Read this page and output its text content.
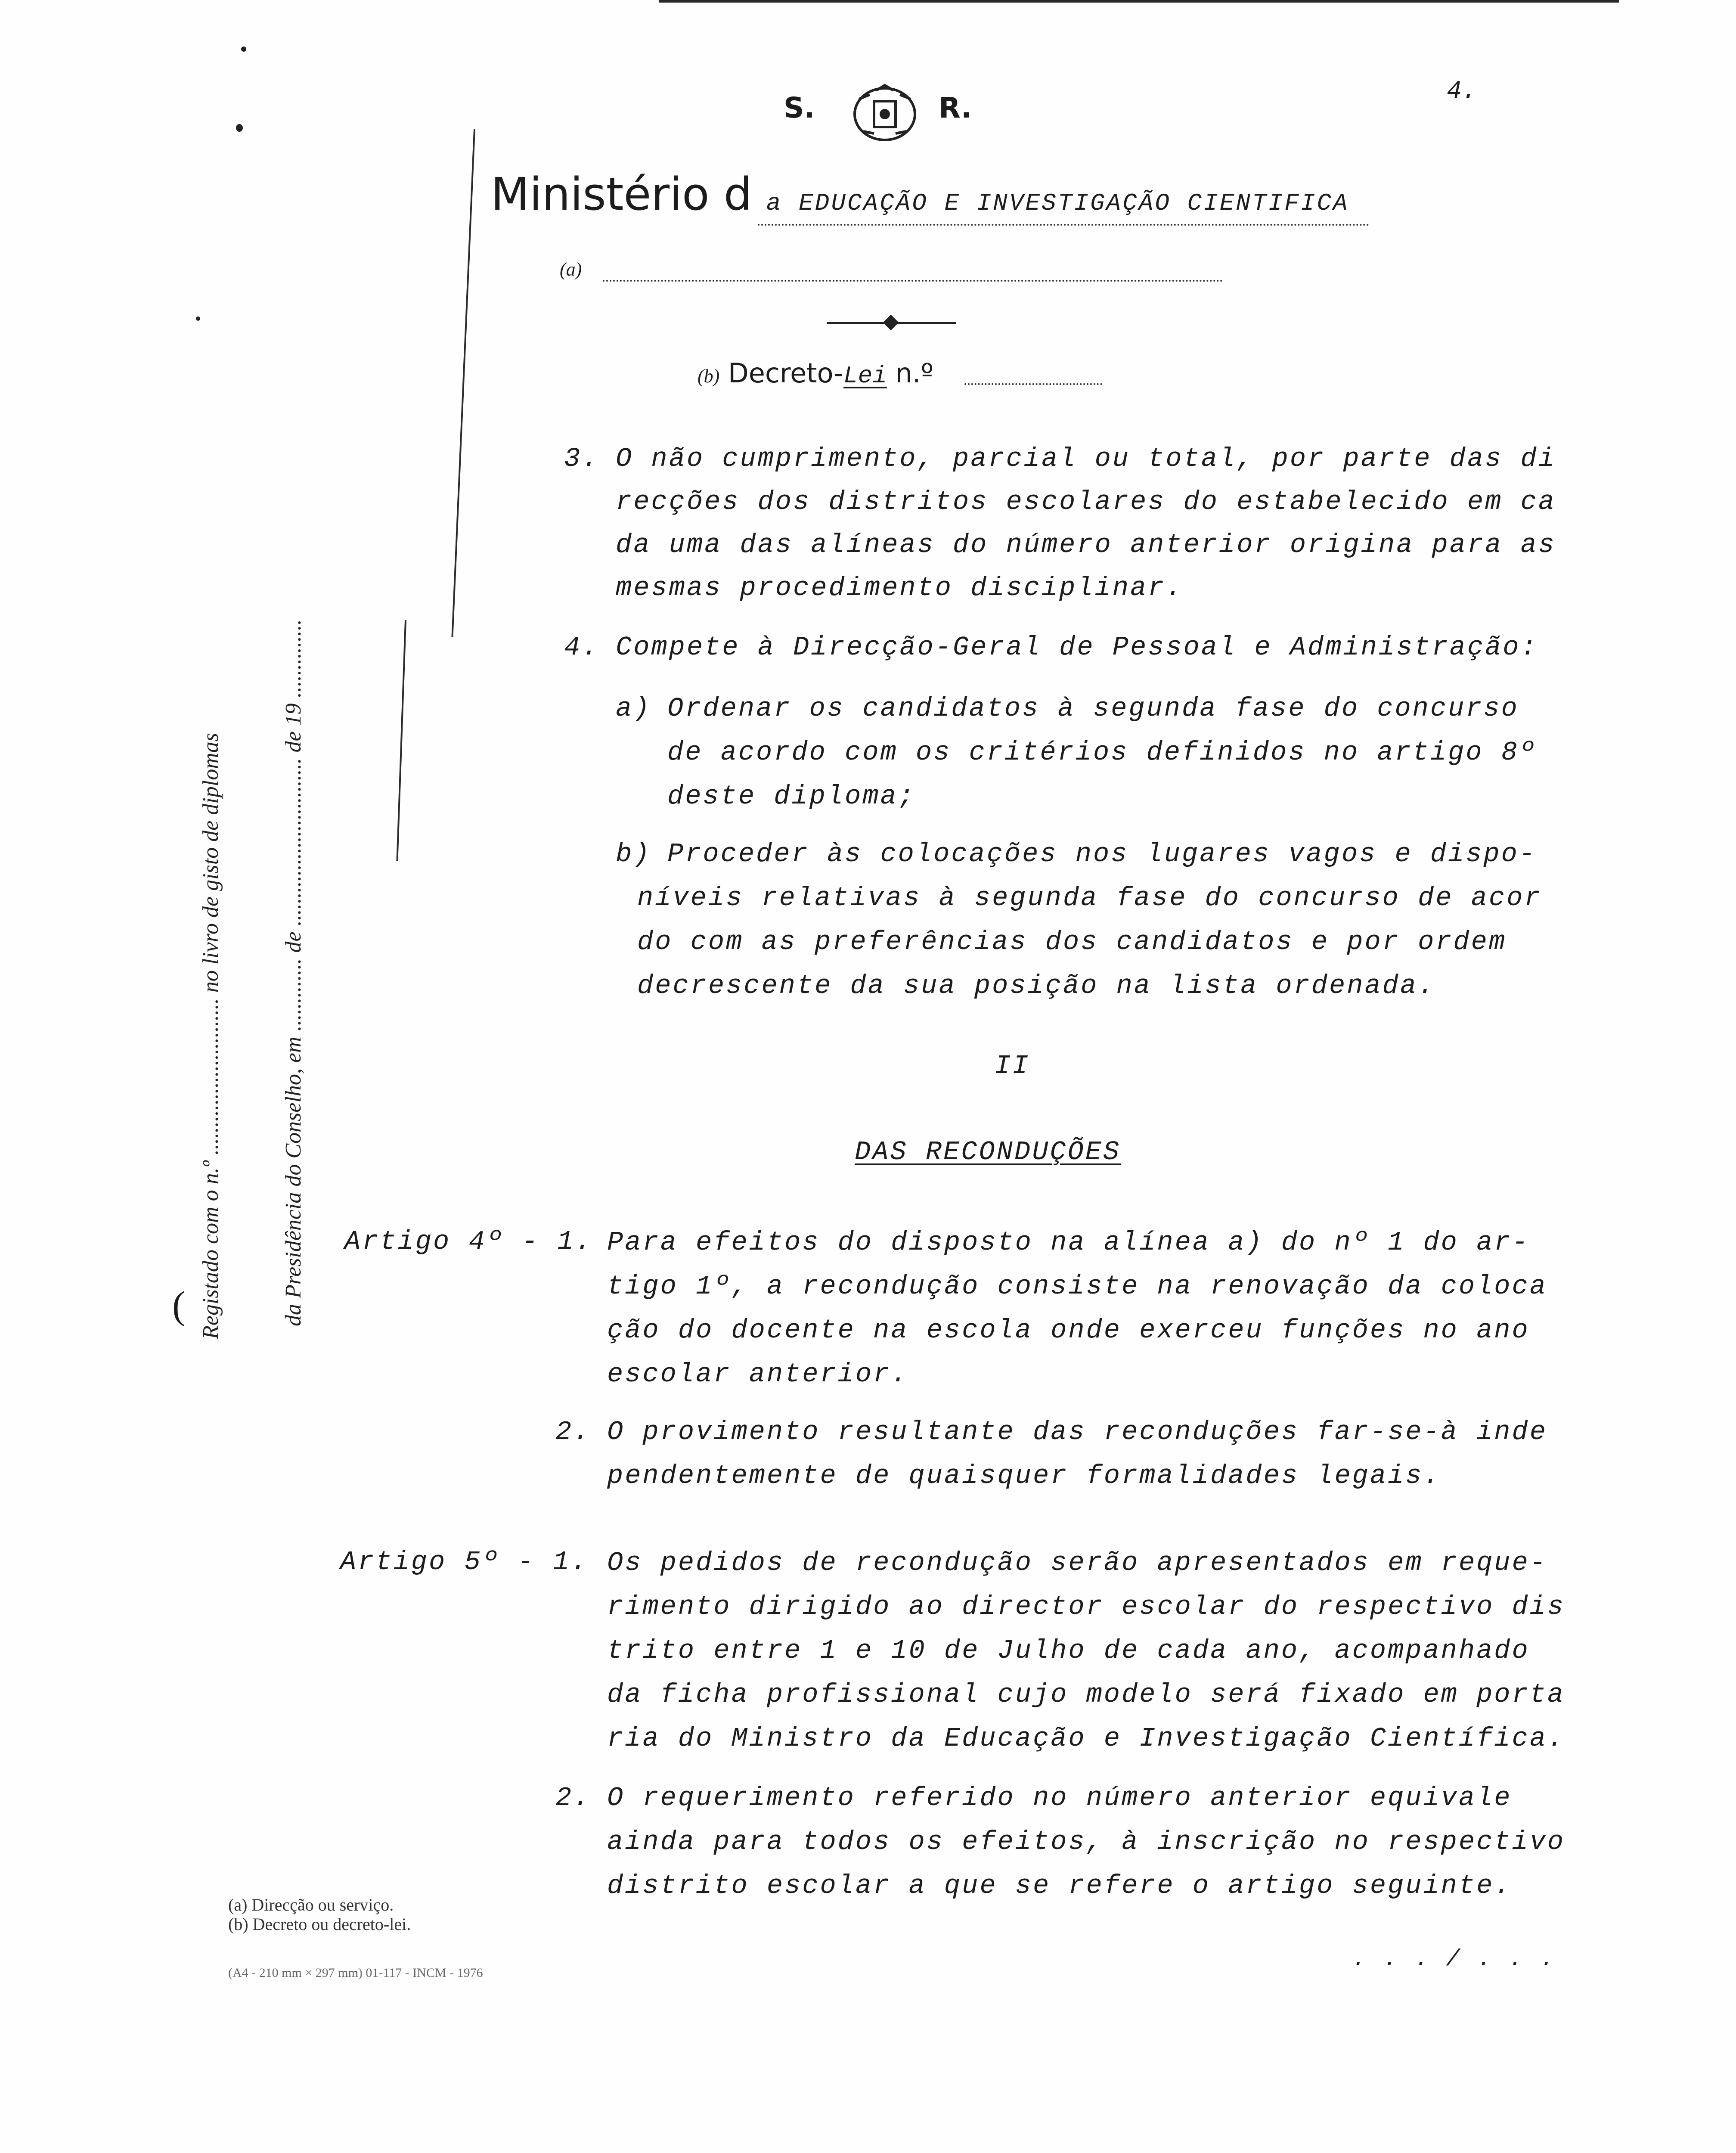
S.	R.	4.
Ministério d a EDUCAÇÃO E INVESTIGAÇÃO CIENTIFICA
(a)
(b) Decreto-Lei n.º
Registado com o n.º ............................ no livro de gisto de diplomas
da Presidência do Conselho, em ............. de .............................. de 19 ..............
(
3. O não cumprimento, parcial ou total, por parte das di
recções dos distritos escolares do estabelecido em ca
da uma das alíneas do número anterior origina para as
mesmas procedimento disciplinar.
4. Compete à Direcção-Geral de Pessoal e Administração:
a) Ordenar os candidatos à segunda fase do concurso
de acordo com os critérios definidos no artigo 8º
deste diploma;
b) Proceder às colocações nos lugares vagos e dispo-
níveis relativas à segunda fase do concurso de acor
do com as preferências dos candidatos e por ordem
decrescente da sua posição na lista ordenada.
II
DAS RECONDUÇÕES
Artigo 4º - 1. Para efeitos do disposto na alínea a) do nº 1 do ar-
tigo 1º, a recondução consiste na renovação da coloca
ção do docente na escola onde exerceu funções no ano
escolar anterior.
2. O provimento resultante das reconduções far-se-à inde
pendentemente de quaisquer formalidades legais.
Artigo 5º - 1. Os pedidos de recondução serão apresentados em reque-
rimento dirigido ao director escolar do respectivo dis
trito entre 1 e 10 de Julho de cada ano, acompanhado
da ficha profissional cujo modelo será fixado em porta
ria do Ministro da Educação e Investigação Científica.
2. O requerimento referido no número anterior equivale
ainda para todos os efeitos, à inscrição no respectivo
distrito escolar a que se refere o artigo seguinte.
(a) Direcção ou serviço.
(b) Decreto ou decreto-lei.
(A4 - 210 mm × 297 mm) 01-117 - INCM - 1976
. . . / . . .
